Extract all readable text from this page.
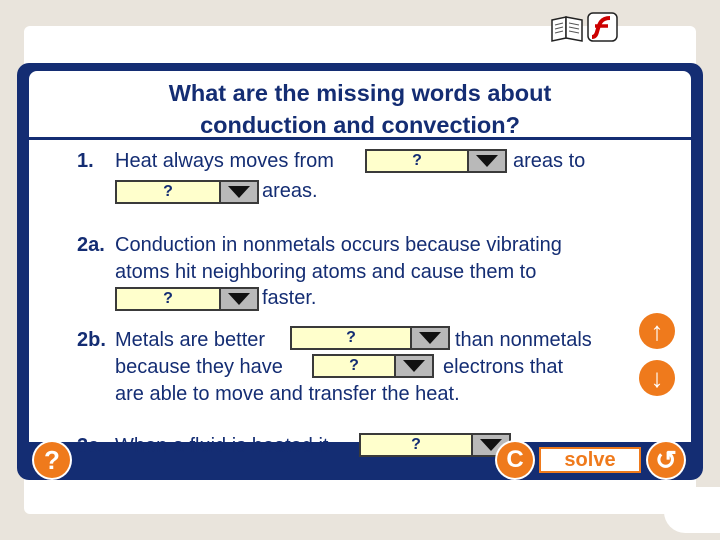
What are the missing words about
conduction and convection?
1. Heat always moves from	?	areas to
?	areas.
2a. Conduction in nonmetals occurs because vibrating
atoms hit neighboring atoms and cause them to
?	faster.
2b. Metals are better	?	than nonmetals
because they have	?	electrons that
are able to move and transfer the heat.
3a. When a fluid is heated it	?
↑
↓
?	C	solve	↺
